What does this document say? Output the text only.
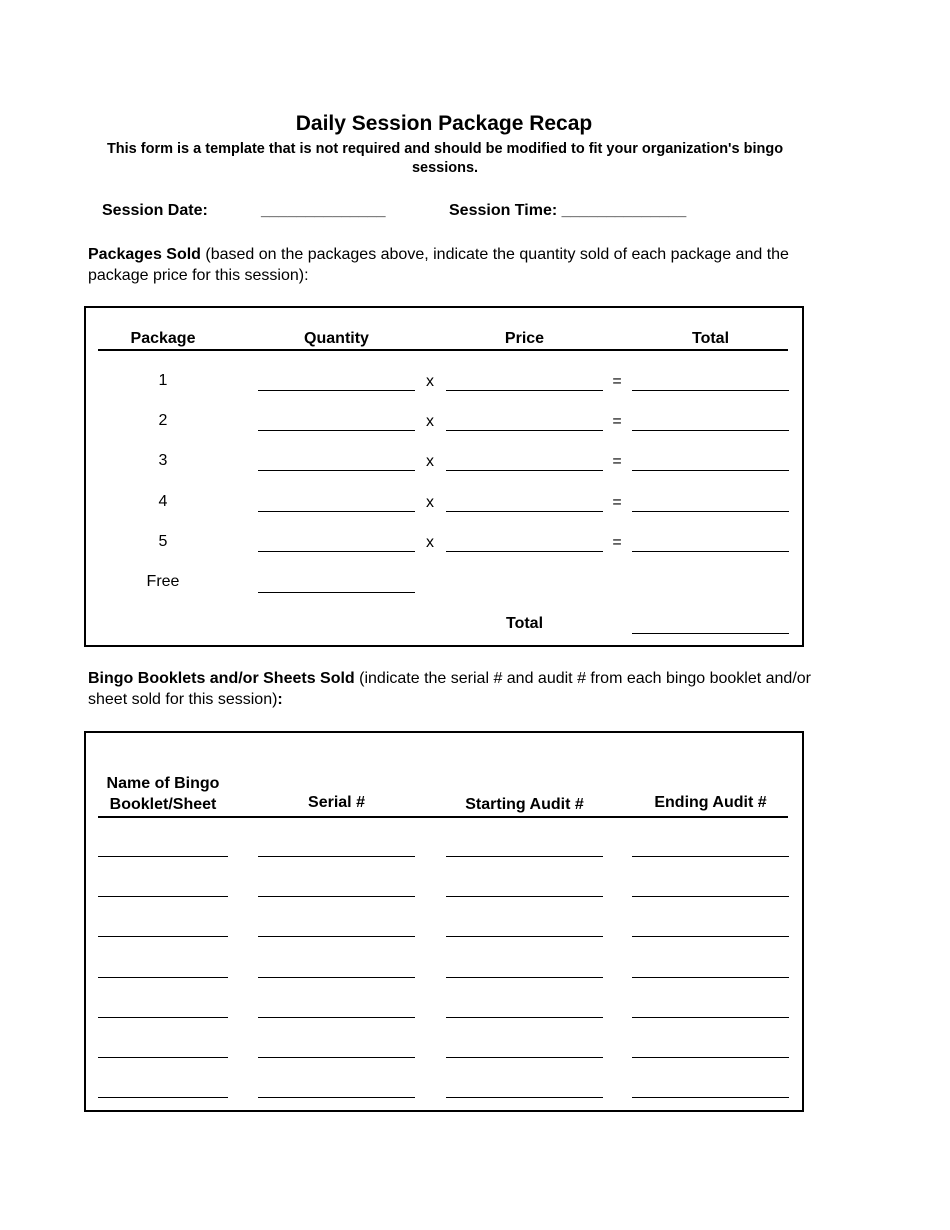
Daily Session Package Recap
This form is a template that is not required and should be modified to fit your organization's bingo sessions.
Session Date:	______________	Session Time: ______________
Packages Sold (based on the packages above, indicate the quantity sold of each package and the package price for this session):
Package	Quantity	Price	Total
1	x	=
2	x	=
3	x	=
4	x	=
5	x	=
Free
Total
Bingo Booklets and/or Sheets Sold (indicate the serial # and audit # from each bingo booklet and/or sheet sold for this session):
Name of Bingo Booklet/Sheet	Serial #	Starting Audit #	Ending Audit #
